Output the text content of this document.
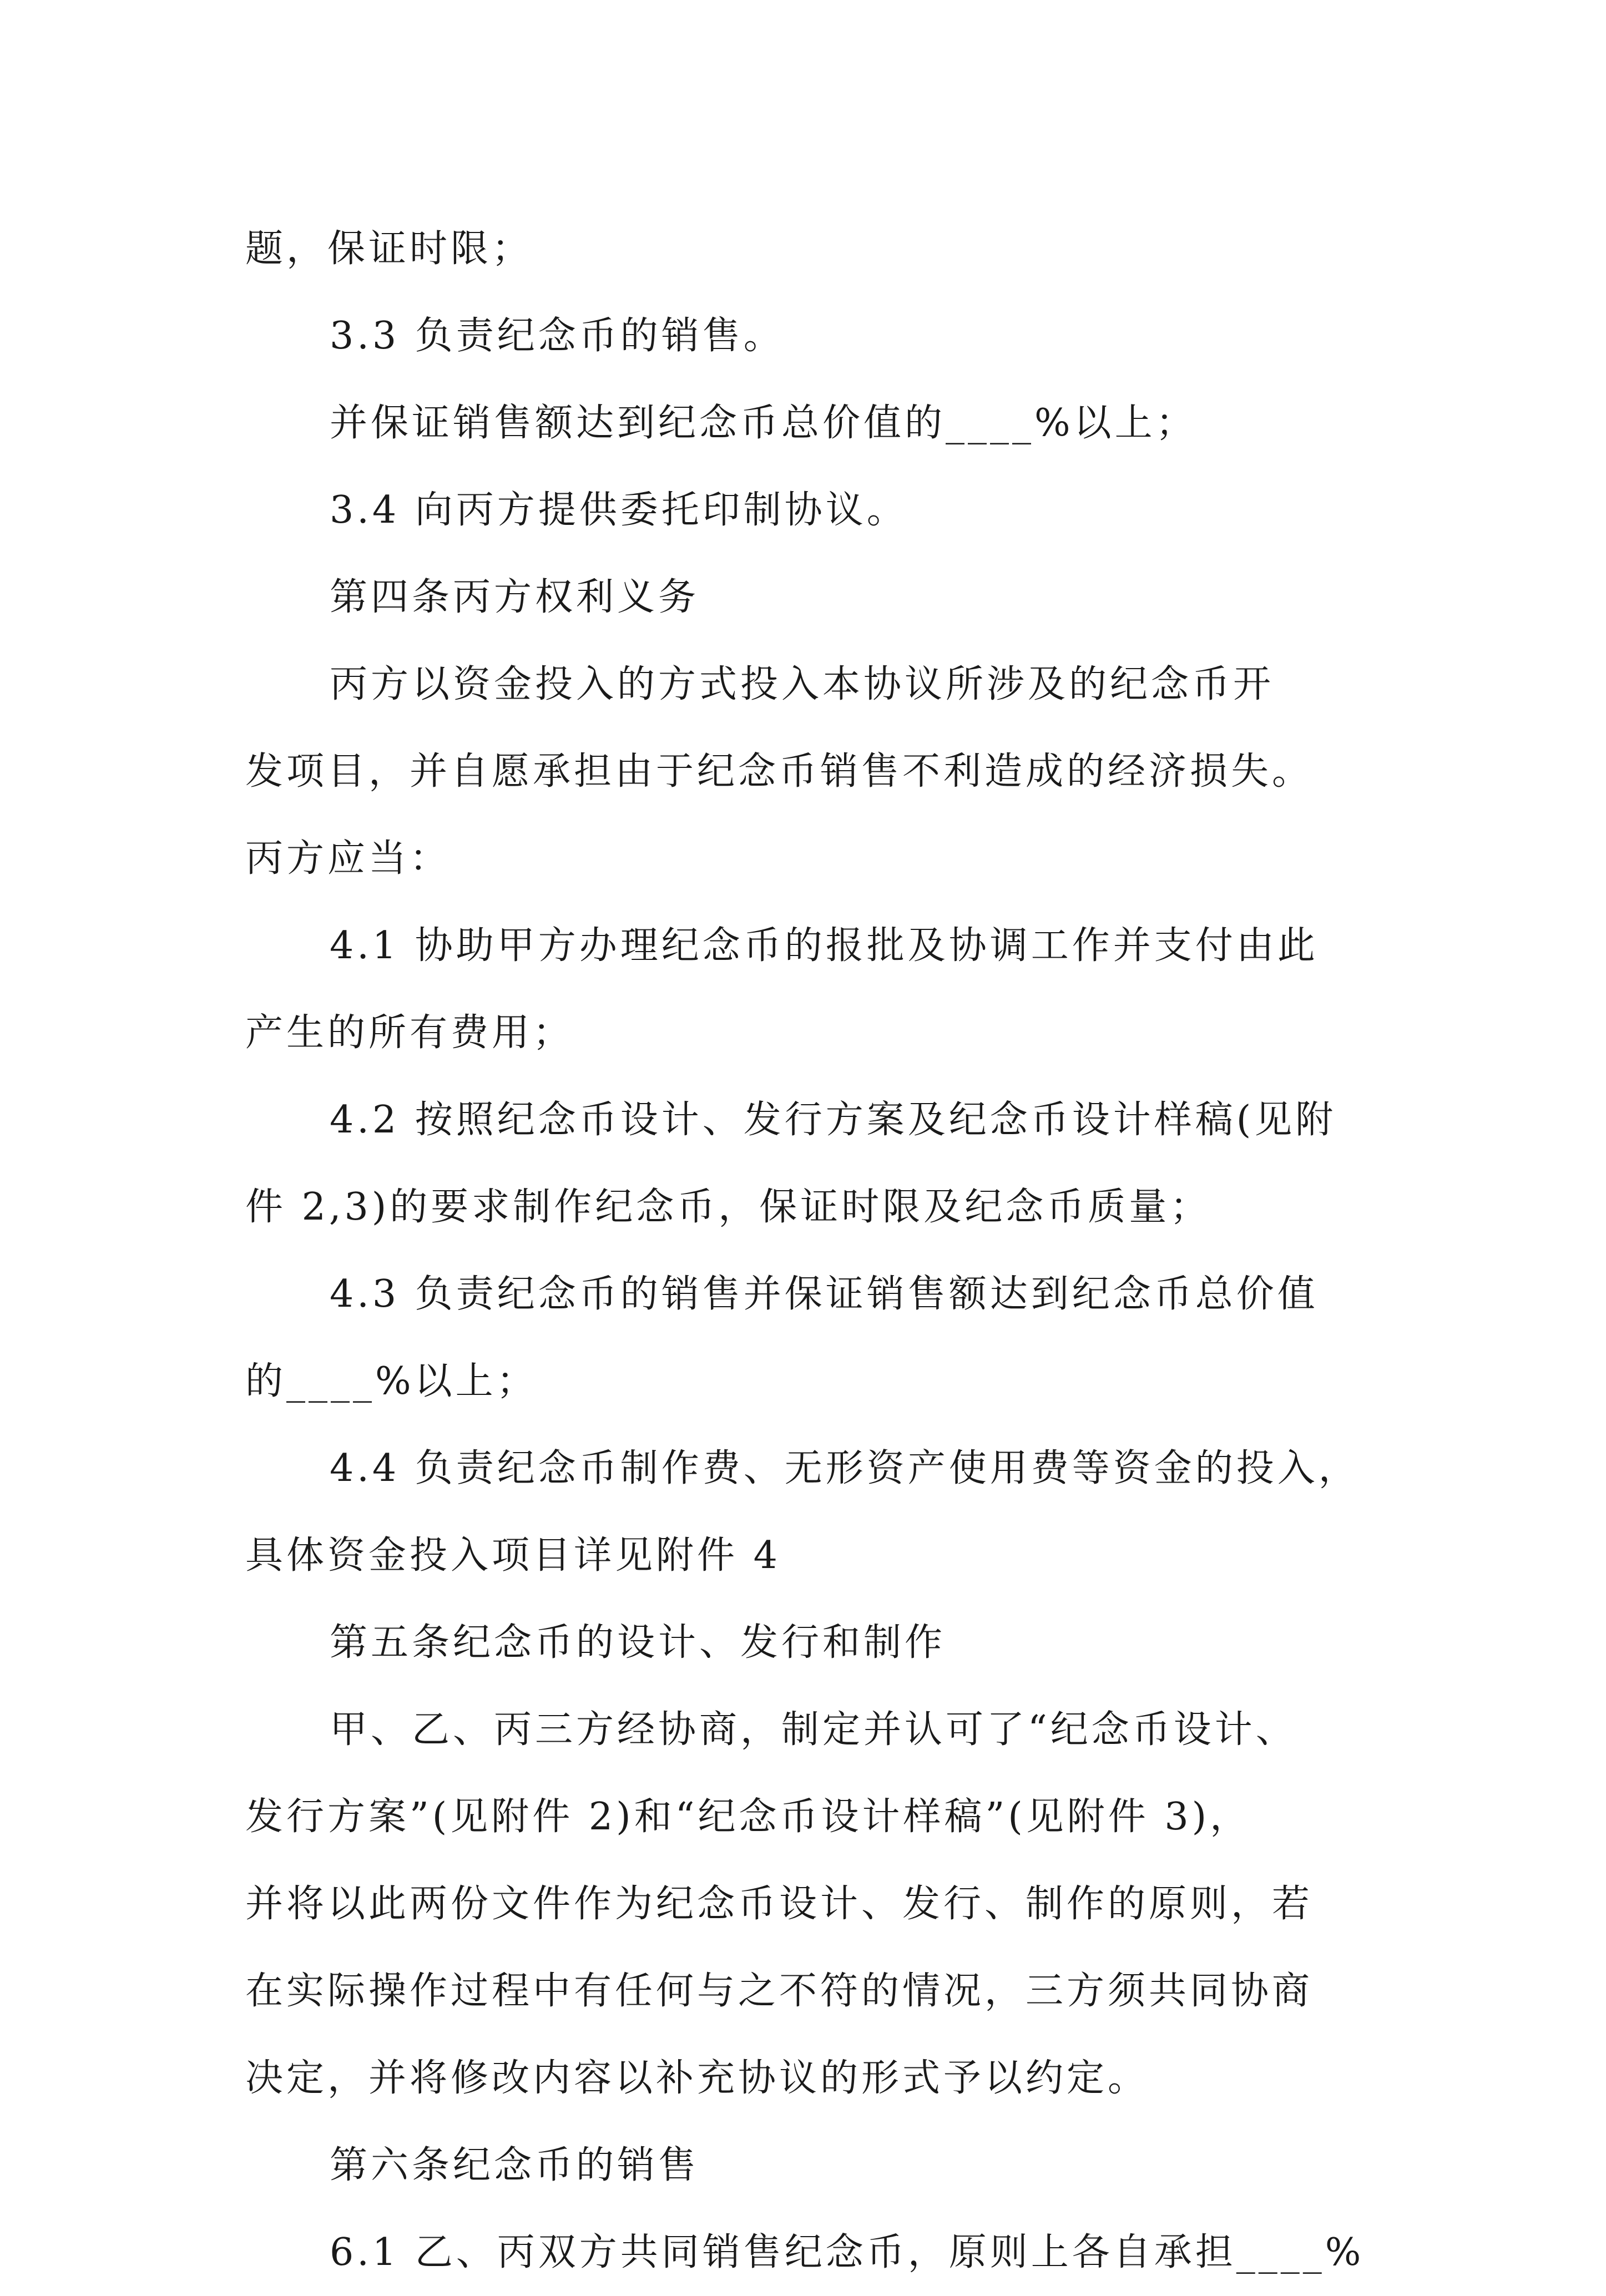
题，保证时限；
3.3 负责纪念币的销售。
并保证销售额达到纪念币总价值的____%以上；
3.4 向丙方提供委托印制协议。
第四条丙方权利义务
丙方以资金投入的方式投入本协议所涉及的纪念币开
发项目，并自愿承担由于纪念币销售不利造成的经济损失。
丙方应当：
4.1 协助甲方办理纪念币的报批及协调工作并支付由此
产生的所有费用；
4.2 按照纪念币设计、发行方案及纪念币设计样稿(见附
件 2,3)的要求制作纪念币，保证时限及纪念币质量；
4.3 负责纪念币的销售并保证销售额达到纪念币总价值
的____%以上；
4.4 负责纪念币制作费、无形资产使用费等资金的投入，
具体资金投入项目详见附件 4
第五条纪念币的设计、发行和制作
甲、乙、丙三方经协商，制定并认可了“纪念币设计、
发行方案”(见附件 2)和“纪念币设计样稿”(见附件 3)，
并将以此两份文件作为纪念币设计、发行、制作的原则，若
在实际操作过程中有任何与之不符的情况，三方须共同协商
决定，并将修改内容以补充协议的形式予以约定。
第六条纪念币的销售
6.1 乙、丙双方共同销售纪念币，原则上各自承担____%
